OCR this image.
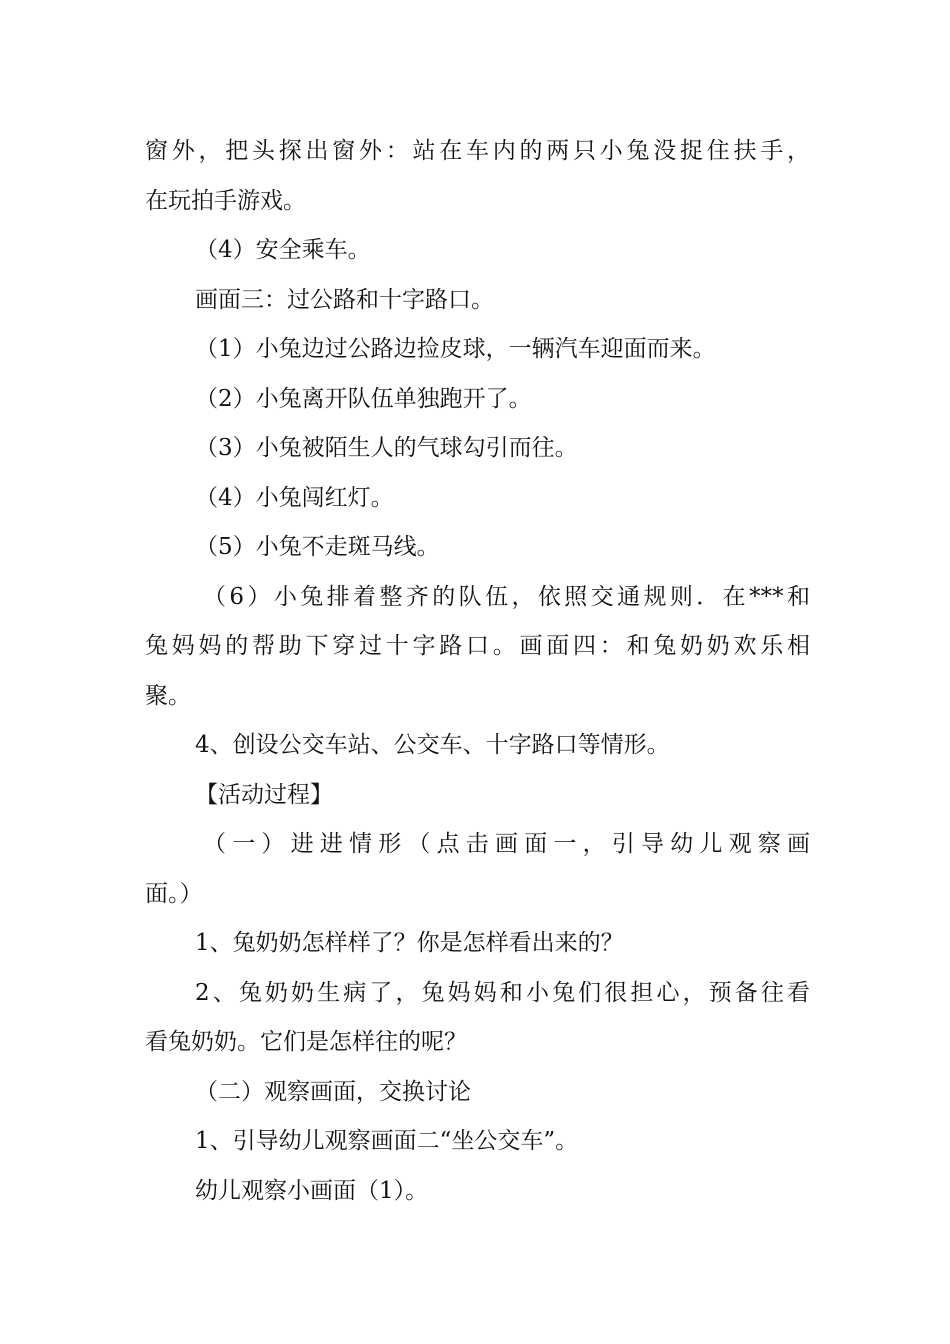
窗外，把头探出窗外：站在车内的两只小兔没捉住扶手，
在玩拍手游戏。
（4）安全乘车。
画面三：过公路和十字路口。
（1）小兔边过公路边捡皮球，一辆汽车迎面而来。
（2）小兔离开队伍单独跑开了。
（3）小兔被陌生人的气球勾引而往。
（4）小兔闯红灯。
（5）小兔不走斑马线。
（6）小兔排着整齐的队伍，依照交通规则．在***和
兔妈妈的帮助下穿过十字路口。画面四：和兔奶奶欢乐相
聚。
4、创设公交车站、公交车、十字路口等情形。
【活动过程】
（一）进进情形（点击画面一，引导幼儿观察画
面。）
1、兔奶奶怎样样了？你是怎样看出来的？
2、兔奶奶生病了，兔妈妈和小兔们很担心，预备往看
看兔奶奶。它们是怎样往的呢？
（二）观察画面，交换讨论
1、引导幼儿观察画面二“坐公交车”。
幼儿观察小画面（1）。
